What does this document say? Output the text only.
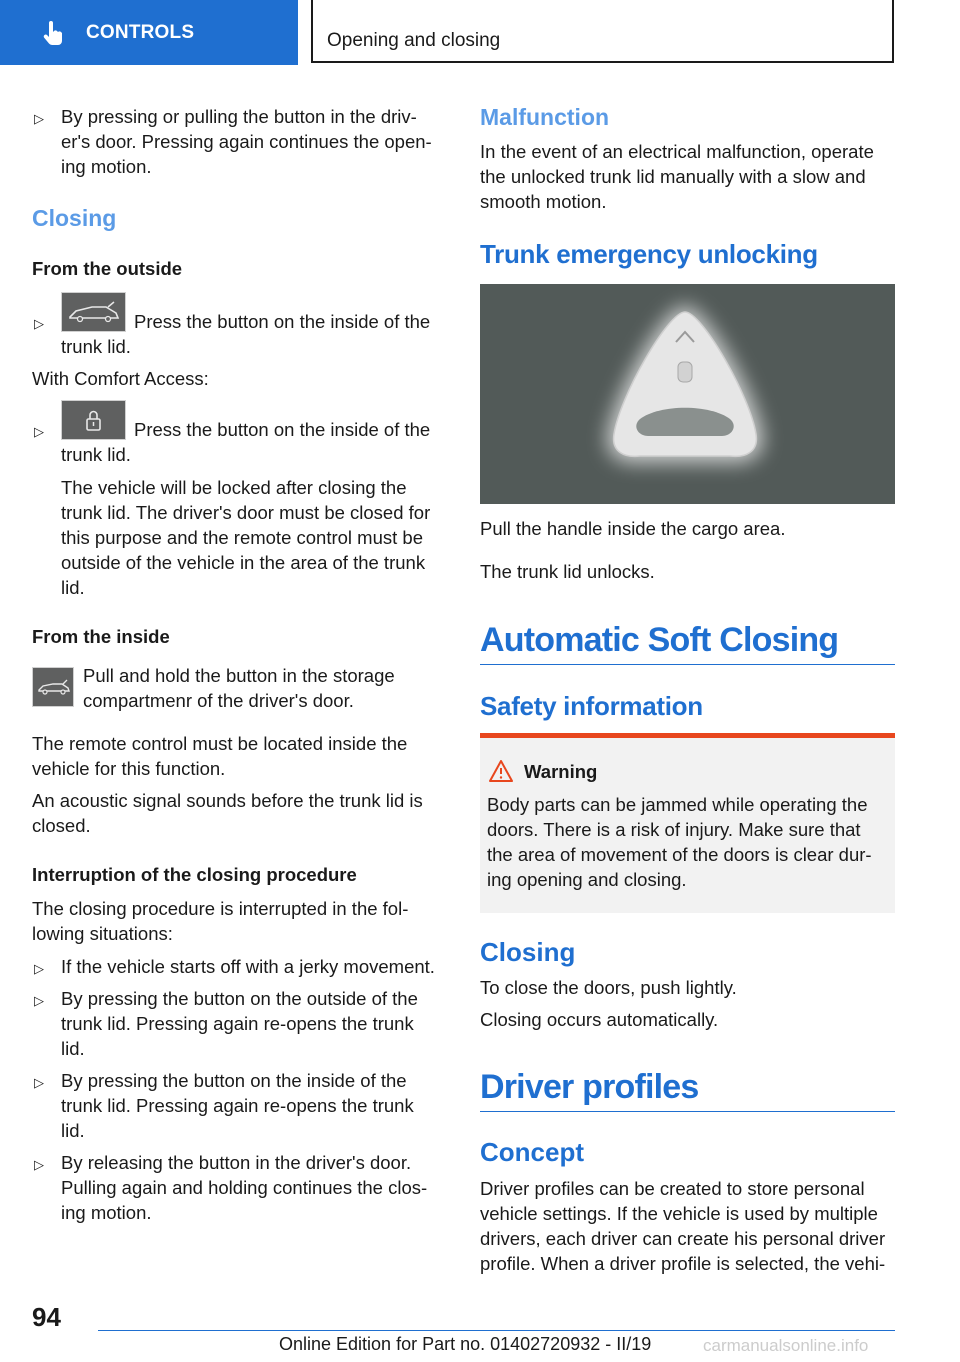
CONTROLS	Opening and closing
▷ By pressing or pulling the button in the driv-
er's door. Pressing again continues the open-
ing motion.
Closing
From the outside
▷	Press the button on the inside of the
trunk lid.
With Comfort Access:
▷	Press the button on the inside of the
trunk lid.
The vehicle will be locked after closing the
trunk lid. The driver's door must be closed for
this purpose and the remote control must be
outside of the vehicle in the area of the trunk
lid.
From the inside
Pull and hold the button in the storage
compartmenr of the driver's door.
The remote control must be located inside the
vehicle for this function.
An acoustic signal sounds before the trunk lid is
closed.
Interruption of the closing procedure
The closing procedure is interrupted in the fol-
lowing situations:
▷ If the vehicle starts off with a jerky movement.
▷ By pressing the button on the outside of the
trunk lid. Pressing again re-opens the trunk
lid.
▷ By pressing the button on the inside of the
trunk lid. Pressing again re-opens the trunk
lid.
▷ By releasing the button in the driver's door.
Pulling again and holding continues the clos-
ing motion.
Malfunction
In the event of an electrical malfunction, operate
the unlocked trunk lid manually with a slow and
smooth motion.
Trunk emergency unlocking
Pull the handle inside the cargo area.
The trunk lid unlocks.
Automatic Soft Closing
Safety information
Warning
Body parts can be jammed while operating the
doors. There is a risk of injury. Make sure that
the area of movement of the doors is clear dur-
ing opening and closing.
Closing
To close the doors, push lightly.
Closing occurs automatically.
Driver profiles
Concept
Driver profiles can be created to store personal
vehicle settings. If the vehicle is used by multiple
drivers, each driver can create his personal driver
profile. When a driver profile is selected, the vehi-
94
Online Edition for Part no. 01402720932 - II/19	carmanualsonline.info
